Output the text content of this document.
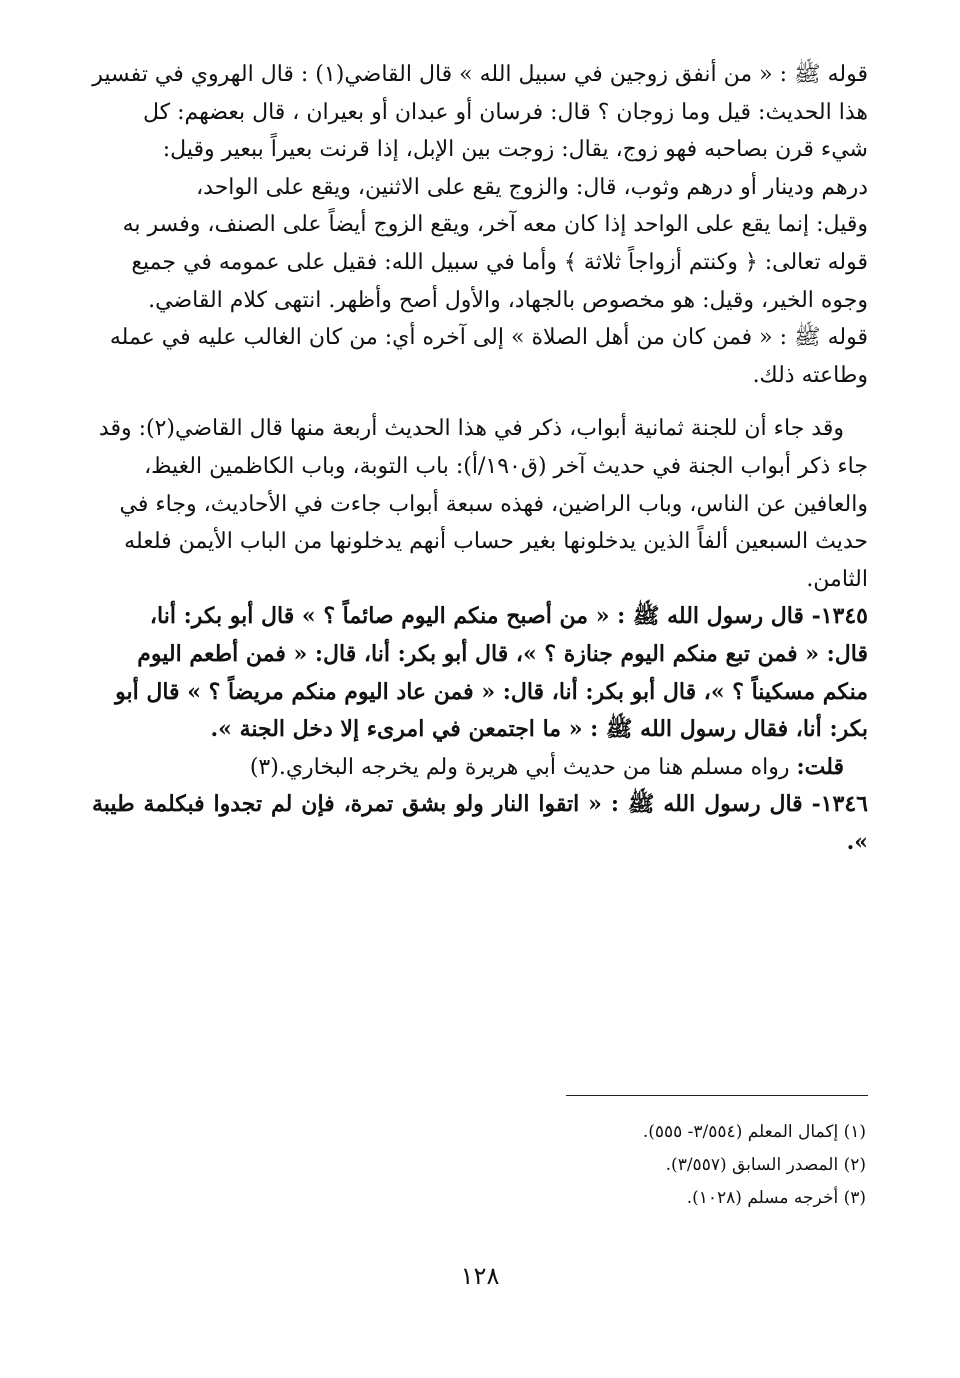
قوله ﷺ : « من أنفق زوجين في سبيل الله » قال القاضي(١) : قال الهروي في تفسير

هذا الحديث: قيل وما زوجان ؟ قال: فرسان أو عبدان أو بعيران ، قال بعضهم: كل

شيء قرن بصاحبه فهو زوج، يقال: زوجت بين الإبل، إذا قرنت بعيراً ببعير وقيل:

درهم ودينار أو درهم وثوب، قال: والزوج يقع على الاثنين، ويقع على الواحد،

وقيل: إنما يقع على الواحد إذا كان معه آخر، ويقع الزوج أيضاً على الصنف، وفسر به

قوله تعالى: ﴿ وكنتم أزواجاً ثلاثة ﴾ وأما في سبيل الله: فقيل على عمومه في جميع

وجوه الخير، وقيل: هو مخصوص بالجهاد، والأول أصح وأظهر. انتهى كلام القاضي.

قوله ﷺ : « فمن كان من أهل الصلاة » إلى آخره أي: من كان الغالب عليه في عمله

وطاعته ذلك.

وقد جاء أن للجنة ثمانية أبواب، ذكر في هذا الحديث أربعة منها قال القاضي(٢): وقد

جاء ذكر أبواب الجنة في حديث آخر (ق١٩٠/أ): باب التوبة، وباب الكاظمين الغيظ،

والعافين عن الناس، وباب الراضين، فهذه سبعة أبواب جاءت في الأحاديث، وجاء في

حديث السبعين ألفاً الذين يدخلونها بغير حساب أنهم يدخلونها من الباب الأيمن فلعله

الثامن.

١٣٤٥- قال رسول الله ﷺ : « من أصبح منكم اليوم صائماً ؟ » قال أبو بكر: أنا،

قال: « فمن تبع منكم اليوم جنازة ؟ »، قال أبو بكر: أنا، قال: « فمن أطعم اليوم

منكم مسكيناً ؟ »، قال أبو بكر: أنا، قال: « فمن عاد اليوم منكم مريضاً ؟ » قال أبو

بكر: أنا، فقال رسول الله ﷺ : « ما اجتمعن في امرىء إلا دخل الجنة ».

قلت: رواه مسلم هنا من حديث أبي هريرة ولم يخرجه البخاري.(٣)

١٣٤٦- قال رسول الله ﷺ : « اتقوا النار ولو بشق تمرة، فإن لم تجدوا فبكلمة طيبة ».

(١) إكمال المعلم (٣/٥٥٤- ٥٥٥).

(٢) المصدر السابق (٣/٥٥٧).

(٣) أخرجه مسلم (١٠٢٨).

١٢٨
